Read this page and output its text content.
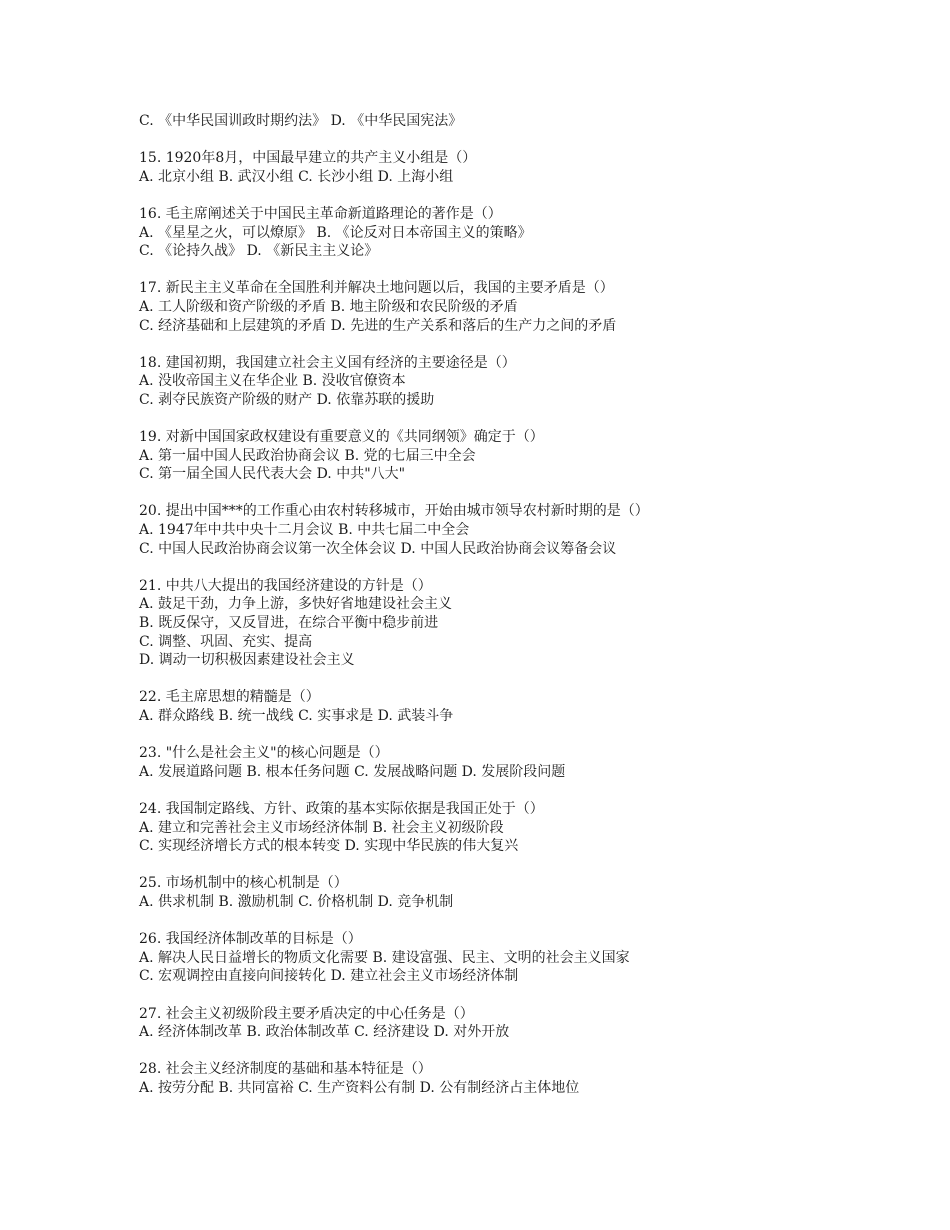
C. 《中华民国训政时期约法》 D. 《中华民国宪法》
15. 1920年8月，中国最早建立的共产主义小组是（）
A. 北京小组 B. 武汉小组 C. 长沙小组 D. 上海小组
16. 毛主席阐述关于中国民主革命新道路理论的著作是（）
A. 《星星之火，可以燎原》 B. 《论反对日本帝国主义的策略》
C. 《论持久战》 D. 《新民主主义论》
17. 新民主主义革命在全国胜利并解决土地问题以后，我国的主要矛盾是（）
A. 工人阶级和资产阶级的矛盾 B. 地主阶级和农民阶级的矛盾
C. 经济基础和上层建筑的矛盾 D. 先进的生产关系和落后的生产力之间的矛盾
18. 建国初期，我国建立社会主义国有经济的主要途径是（）
A. 没收帝国主义在华企业 B. 没收官僚资本
C. 剥夺民族资产阶级的财产 D. 依靠苏联的援助
19. 对新中国国家政权建设有重要意义的《共同纲领》确定于（）
A. 第一届中国人民政治协商会议 B. 党的七届三中全会
C. 第一届全国人民代表大会 D. 中共"八大"
20. 提出中国***的工作重心由农村转移城市，开始由城市领导农村新时期的是（）
A. 1947年中共中央十二月会议 B. 中共七届二中全会
C. 中国人民政治协商会议第一次全体会议 D. 中国人民政治协商会议筹备会议
21. 中共八大提出的我国经济建设的方针是（）
A. 鼓足干劲，力争上游，多快好省地建设社会主义
B. 既反保守，又反冒进，在综合平衡中稳步前进
C. 调整、巩固、充实、提高
D. 调动一切积极因素建设社会主义
22. 毛主席思想的精髓是（）
A. 群众路线 B. 统一战线 C. 实事求是 D. 武装斗争
23. "什么是社会主义"的核心问题是（）
A. 发展道路问题 B. 根本任务问题 C. 发展战略问题 D. 发展阶段问题
24. 我国制定路线、方针、政策的基本实际依据是我国正处于（）
A. 建立和完善社会主义市场经济体制 B. 社会主义初级阶段
C. 实现经济增长方式的根本转变 D. 实现中华民族的伟大复兴
25. 市场机制中的核心机制是（）
A. 供求机制 B. 激励机制 C. 价格机制 D. 竞争机制
26. 我国经济体制改革的目标是（）
A. 解决人民日益增长的物质文化需要 B. 建设富强、民主、文明的社会主义国家
C. 宏观调控由直接向间接转化 D. 建立社会主义市场经济体制
27. 社会主义初级阶段主要矛盾决定的中心任务是（）
A. 经济体制改革 B. 政治体制改革 C. 经济建设 D. 对外开放
28. 社会主义经济制度的基础和基本特征是（）
A. 按劳分配 B. 共同富裕 C. 生产资料公有制 D. 公有制经济占主体地位
